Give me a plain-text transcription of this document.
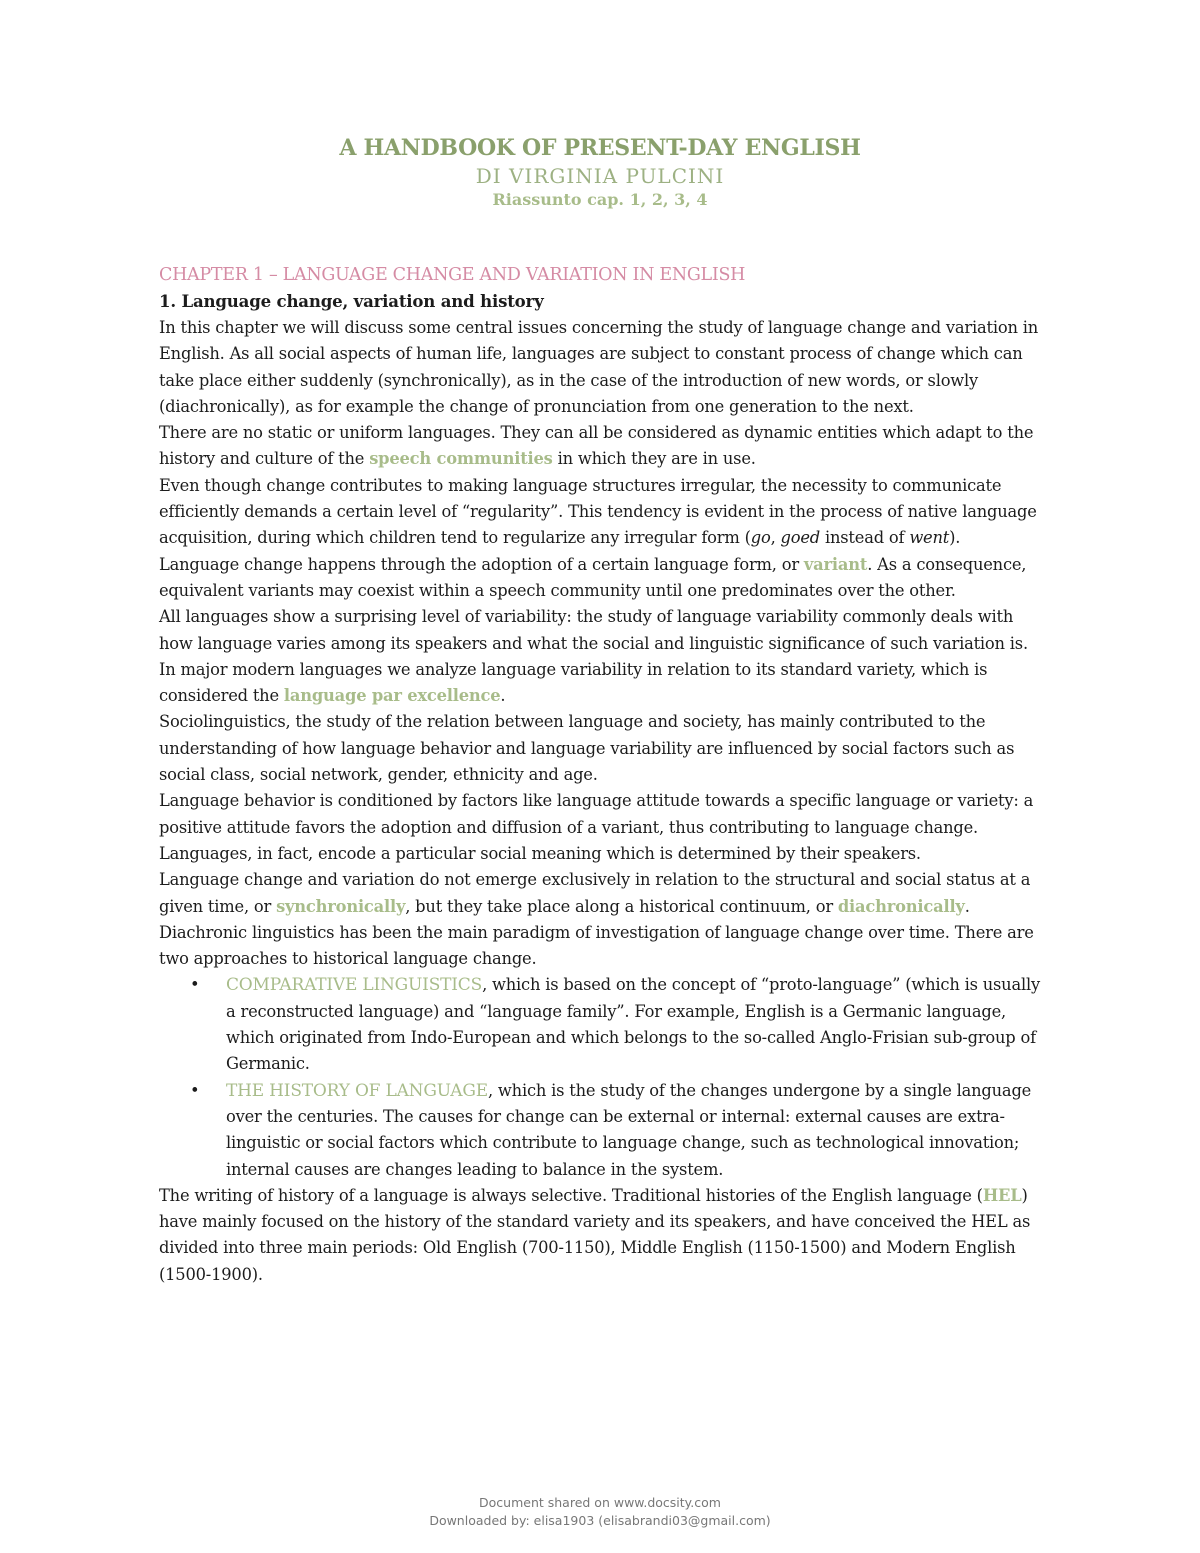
A HANDBOOK OF PRESENT-DAY ENGLISH
DI VIRGINIA PULCINI
Riassunto cap. 1, 2, 3, 4
CHAPTER 1 – LANGUAGE CHANGE AND VARIATION IN ENGLISH
1. Language change, variation and history

In this chapter we will discuss some central issues concerning the study of language change and variation in English. As all social aspects of human life, languages are subject to constant process of change which can take place either suddenly (synchronically), as in the case of the introduction of new words, or slowly (diachronically), as for example the change of pronunciation from one generation to the next.

There are no static or uniform languages. They can all be considered as dynamic entities which adapt to the history and culture of the speech communities in which they are in use.

Even though change contributes to making language structures irregular, the necessity to communicate efficiently demands a certain level of “regularity”. This tendency is evident in the process of native language acquisition, during which children tend to regularize any irregular form (go, goed instead of went).

Language change happens through the adoption of a certain language form, or variant. As a consequence, equivalent variants may coexist within a speech community until one predominates over the other.

All languages show a surprising level of variability: the study of language variability commonly deals with how language varies among its speakers and what the social and linguistic significance of such variation is. In major modern languages we analyze language variability in relation to its standard variety, which is considered the language par excellence.

Sociolinguistics, the study of the relation between language and society, has mainly contributed to the understanding of how language behavior and language variability are influenced by social factors such as social class, social network, gender, ethnicity and age.

Language behavior is conditioned by factors like language attitude towards a specific language or variety: a positive attitude favors the adoption and diffusion of a variant, thus contributing to language change. Languages, in fact, encode a particular social meaning which is determined by their speakers.

Language change and variation do not emerge exclusively in relation to the structural and social status at a given time, or synchronically, but they take place along a historical continuum, or diachronically.

Diachronic linguistics has been the main paradigm of investigation of language change over time. There are two approaches to historical language change.

• COMPARATIVE LINGUISTICS, which is based on the concept of “proto-language” (which is usually a reconstructed language) and “language family”. For example, English is a Germanic language, which originated from Indo-European and which belongs to the so-called Anglo-Frisian sub-group of Germanic.
• THE HISTORY OF LANGUAGE, which is the study of the changes undergone by a single language over the centuries. The causes for change can be external or internal: external causes are extra-linguistic or social factors which contribute to language change, such as technological innovation; internal causes are changes leading to balance in the system.

The writing of history of a language is always selective. Traditional histories of the English language (HEL) have mainly focused on the history of the standard variety and its speakers, and have conceived the HEL as divided into three main periods: Old English (700-1150), Middle English (1150-1500) and Modern English (1500-1900).

Document shared on www.docsity.com
Downloaded by: elisa1903 (elisabrandi03@gmail.com)
